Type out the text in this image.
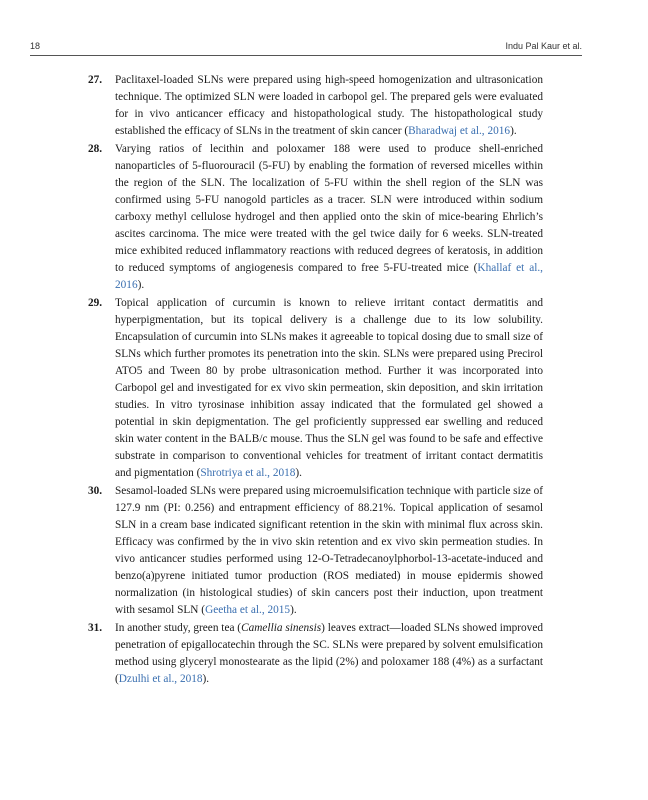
18	Indu Pal Kaur et al.
27. Paclitaxel-loaded SLNs were prepared using high-speed homogenization and ultrasonication technique. The optimized SLN were loaded in carbopol gel. The prepared gels were evaluated for in vivo anticancer efficacy and histopathological study. The histopathological study established the efficacy of SLNs in the treatment of skin cancer (Bharadwaj et al., 2016).
28. Varying ratios of lecithin and poloxamer 188 were used to produce shell-enriched nanoparticles of 5-fluorouracil (5-FU) by enabling the formation of reversed micelles within the region of the SLN. The localization of 5-FU within the shell region of the SLN was confirmed using 5-FU nanogold particles as a tracer. SLN were introduced within sodium carboxy methyl cellulose hydrogel and then applied onto the skin of mice-bearing Ehrlich’s ascites carcinoma. The mice were treated with the gel twice daily for 6 weeks. SLN-treated mice exhibited reduced inflammatory reactions with reduced degrees of keratosis, in addition to reduced symptoms of angiogenesis compared to free 5-FU-treated mice (Khallaf et al., 2016).
29. Topical application of curcumin is known to relieve irritant contact dermatitis and hyperpigmentation, but its topical delivery is a challenge due to its low solubility. Encapsulation of curcumin into SLNs makes it agreeable to topical dosing due to small size of SLNs which further promotes its penetration into the skin. SLNs were prepared using Precirol ATO5 and Tween 80 by probe ultrasonication method. Further it was incorporated into Carbopol gel and investigated for ex vivo skin permeation, skin deposition, and skin irritation studies. In vitro tyrosinase inhibition assay indicated that the formulated gel showed a potential in skin depigmentation. The gel proficiently suppressed ear swelling and reduced skin water content in the BALB/c mouse. Thus the SLN gel was found to be safe and effective substrate in comparison to conventional vehicles for treatment of irritant contact dermatitis and pigmentation (Shrotriya et al., 2018).
30. Sesamol-loaded SLNs were prepared using microemulsification technique with particle size of 127.9 nm (PI: 0.256) and entrapment efficiency of 88.21%. Topical application of sesamol SLN in a cream base indicated significant retention in the skin with minimal flux across skin. Efficacy was confirmed by the in vivo skin retention and ex vivo skin permeation studies. In vivo anticancer studies performed using 12-O-Tetradecanoylphorbol-13-acetate-induced and benzo(a)pyrene initiated tumor production (ROS mediated) in mouse epidermis showed normalization (in histological studies) of skin cancers post their induction, upon treatment with sesamol SLN (Geetha et al., 2015).
31. In another study, green tea (Camellia sinensis) leaves extract—loaded SLNs showed improved penetration of epigallocatechin through the SC. SLNs were prepared by solvent emulsification method using glyceryl monostearate as the lipid (2%) and poloxamer 188 (4%) as a surfactant (Dzulhi et al., 2018).
